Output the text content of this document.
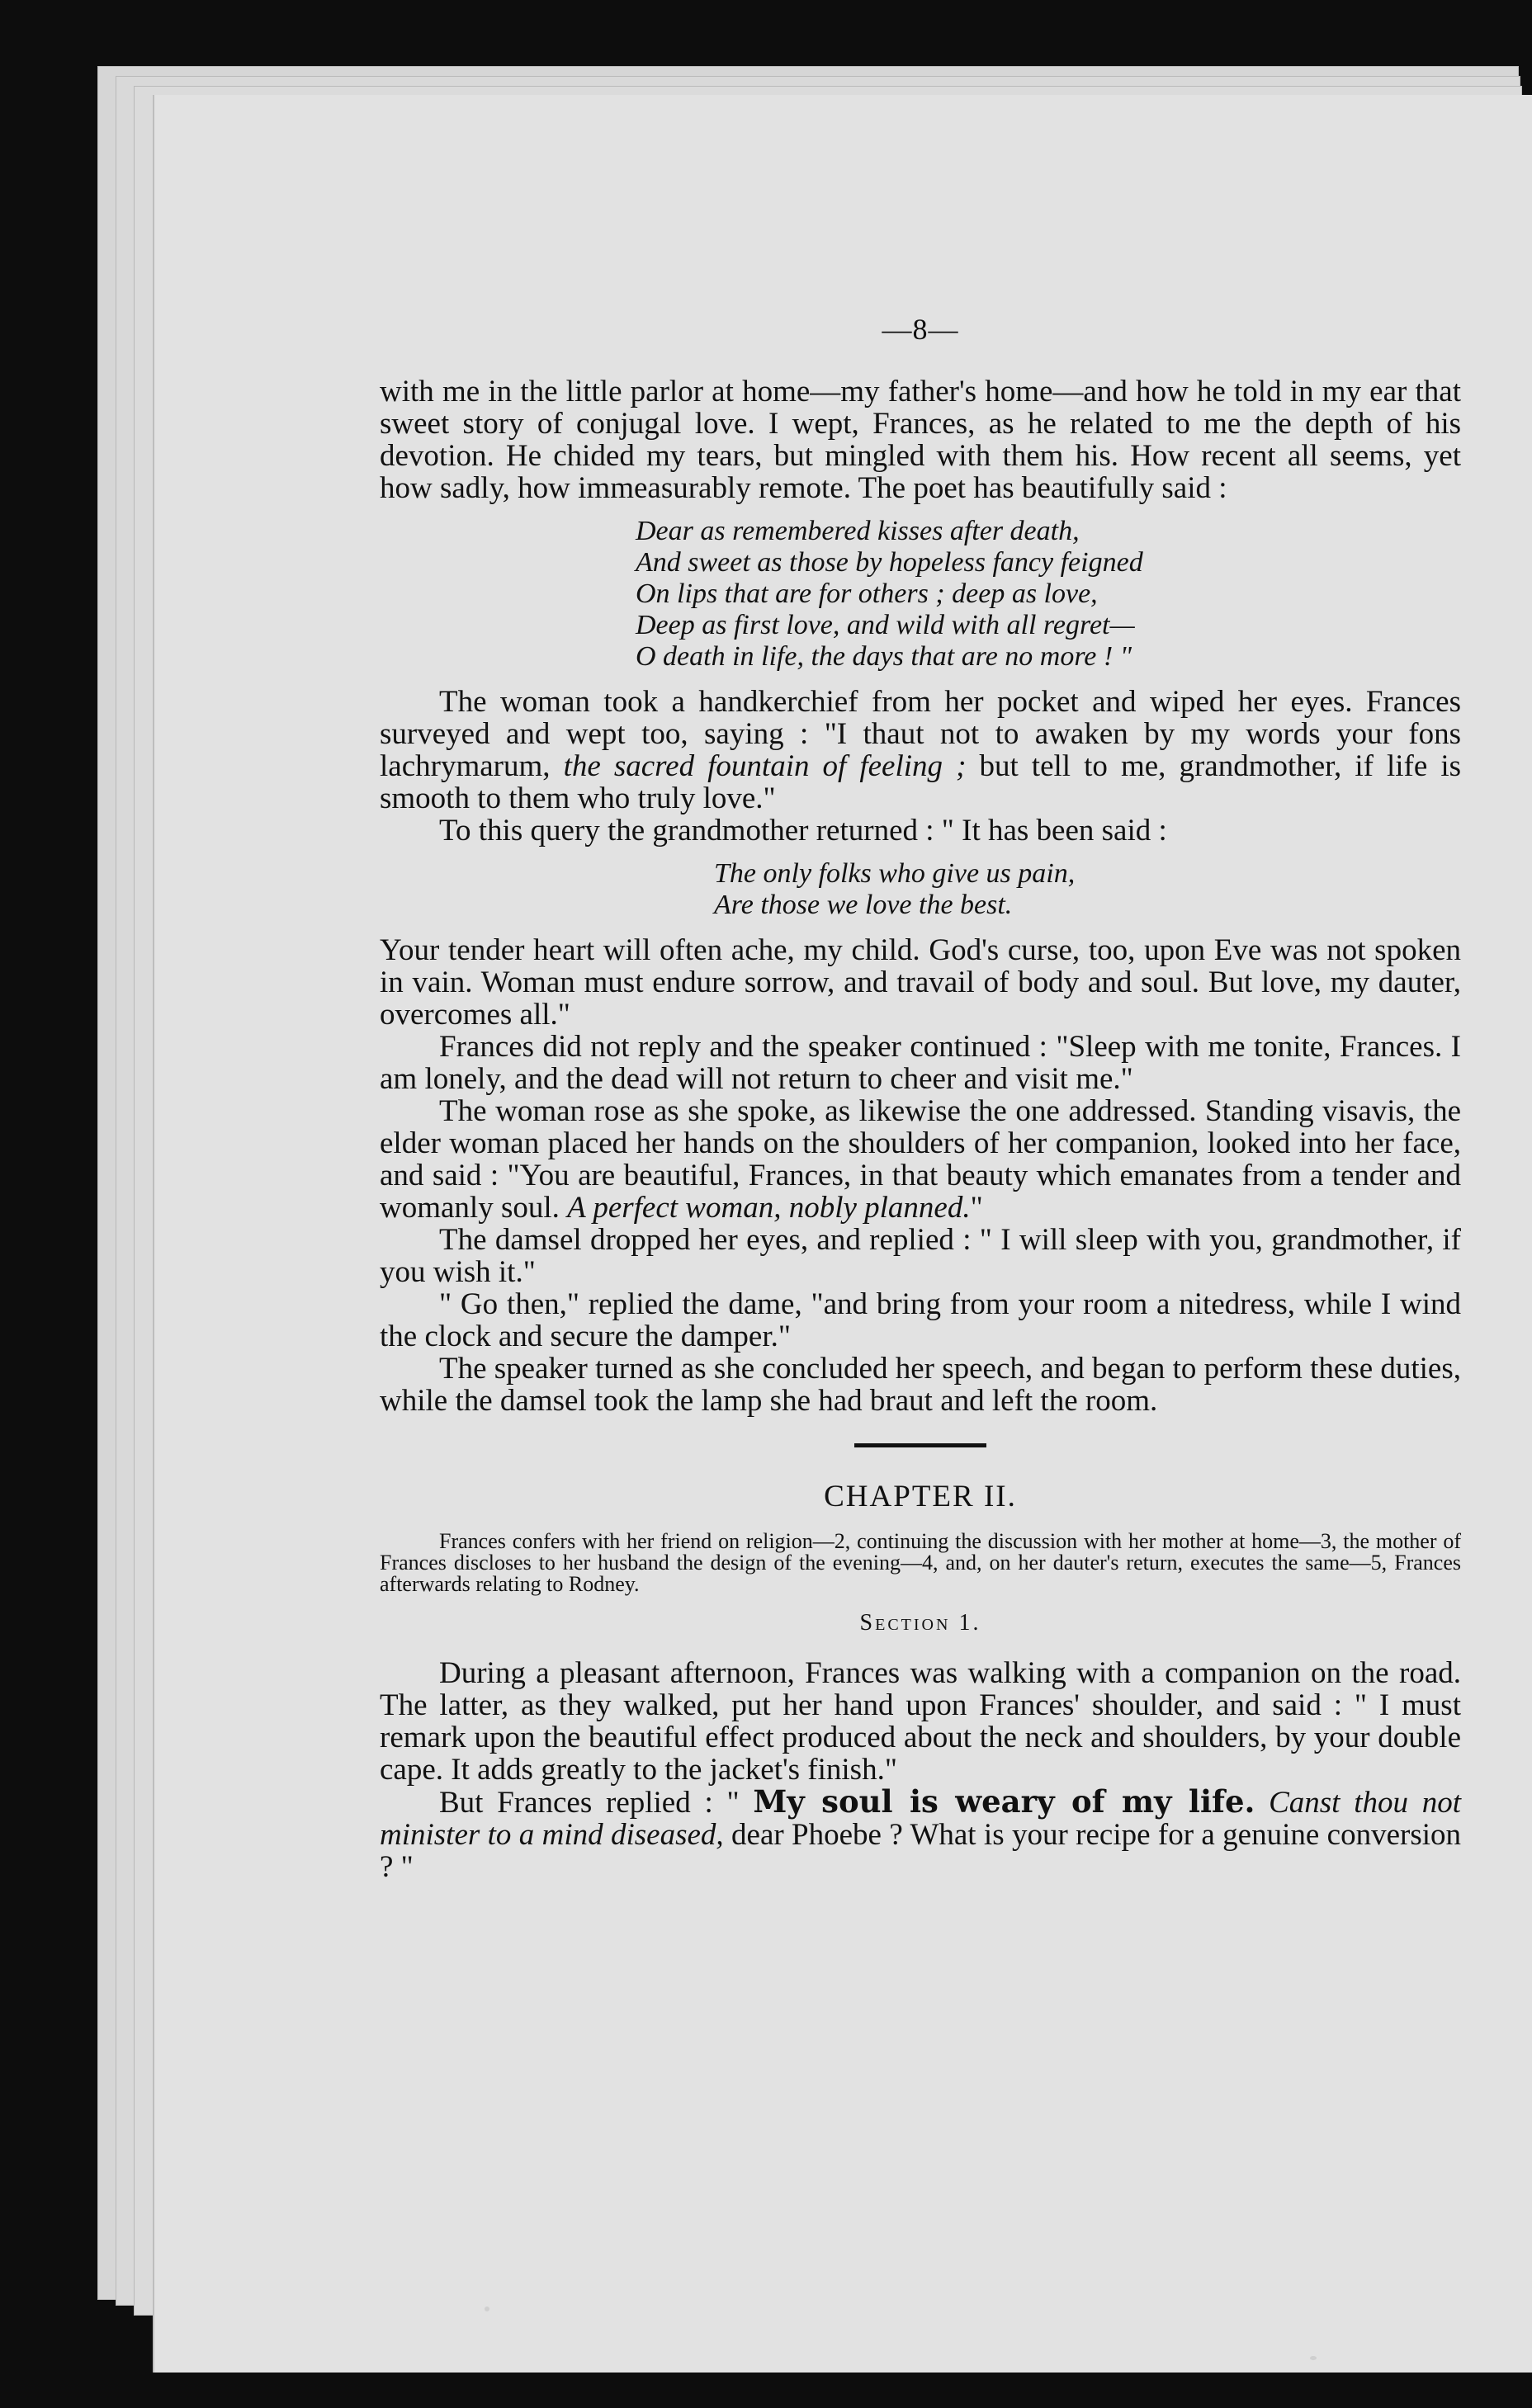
—8—

with me in the little parlor at home—my father's home—and how he told in my ear that sweet story of conjugal love. I wept, Frances, as he related to me the depth of his devotion. He chided my tears, but mingled with them his. How recent all seems, yet how sadly, how immeasurably remote. The poet has beautifully said :

Dear as remembered kisses after death,
And sweet as those by hopeless fancy feigned
On lips that are for others ; deep as love,
Deep as first love, and wild with all regret—
O death in life, the days that are no more ! "

The woman took a handkerchief from her pocket and wiped her eyes. Frances surveyed and wept too, saying : "I thaut not to awaken by my words your fons lachrymarum, the sacred fountain of feeling ; but tell to me, grandmother, if life is smooth to them who truly love."

To this query the grandmother returned : " It has been said :

The only folks who give us pain,
Are those we love the best.

Your tender heart will often ache, my child. God's curse, too, upon Eve was not spoken in vain. Woman must endure sorrow, and travail of body and soul. But love, my dauter, overcomes all."

Frances did not reply and the speaker continued : "Sleep with me tonite, Frances. I am lonely, and the dead will not return to cheer and visit me."

The woman rose as she spoke, as likewise the one addressed. Standing visavis, the elder woman placed her hands on the shoulders of her companion, looked into her face, and said : "You are beautiful, Frances, in that beauty which emanates from a tender and womanly soul. A perfect woman, nobly planned."

The damsel dropped her eyes, and replied : " I will sleep with you, grandmother, if you wish it."

" Go then," replied the dame, "and bring from your room a nitedress, while I wind the clock and secure the damper."

The speaker turned as she concluded her speech, and began to perform these duties, while the damsel took the lamp she had braut and left the room.

CHAPTER II.

Frances confers with her friend on religion—2, continuing the discussion with her mother at home—3, the mother of Frances discloses to her husband the design of the evening—4, and, on her dauter's return, executes the same—5, Frances afterwards relating to Rodney.

Section 1.

During a pleasant afternoon, Frances was walking with a companion on the road. The latter, as they walked, put her hand upon Frances' shoulder, and said : " I must remark upon the beautiful effect produced about the neck and shoulders, by your double cape. It adds greatly to the jacket's finish."

But Frances replied : " My soul is weary of my life. Canst thou not minister to a mind diseased, dear Phoebe ? What is your recipe for a genuine conversion ? "
